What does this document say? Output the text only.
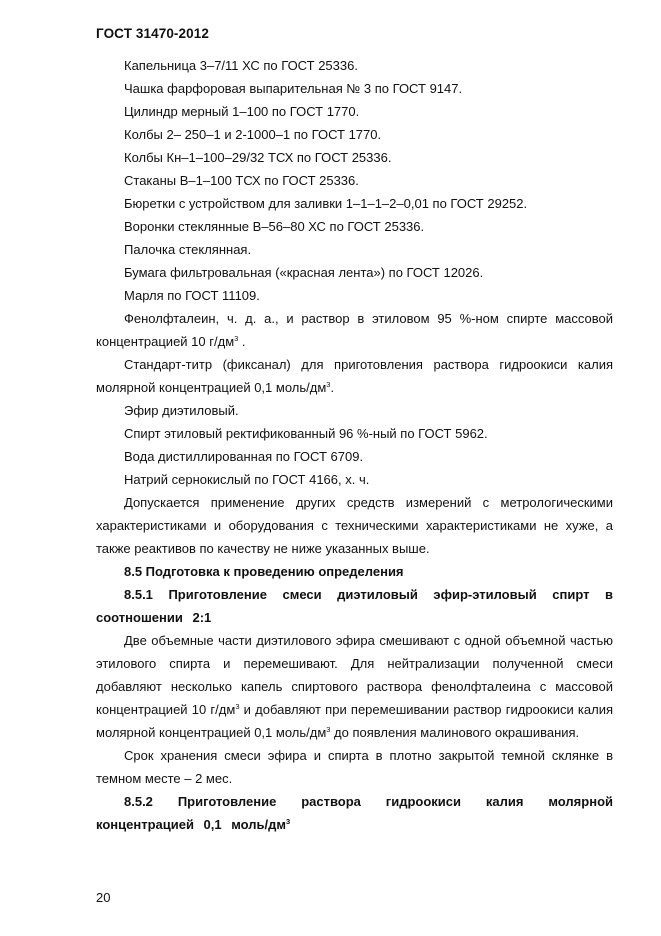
ГОСТ 31470-2012

Капельница 3–7/11 ХС по ГОСТ 25336.

Чашка фарфоровая выпарительная № 3 по ГОСТ 9147.

Цилиндр мерный 1–100 по ГОСТ 1770.

Колбы 2– 250–1 и 2-1000–1 по ГОСТ 1770.

Колбы Кн–1–100–29/32 ТСХ по ГОСТ 25336.

Стаканы В–1–100 ТСХ по ГОСТ 25336.

Бюретки с устройством для заливки 1–1–1–2–0,01 по ГОСТ 29252.

Воронки стеклянные В–56–80 ХС по ГОСТ 25336.

Палочка стеклянная.

Бумага фильтровальная («красная лента») по ГОСТ 12026.

Марля по ГОСТ 11109.

Фенолфталеин, ч. д. а., и раствор в этиловом 95 %-ном спирте массовой концентрацией 10 $г/дм^3$ .

Стандарт-титр (фиксанал) для приготовления раствора гидроокиси калия молярной концентрацией 0,1 моль/$дм^3$.

Эфир диэтиловый.

Спирт этиловый ректификованный 96 %-ный по ГОСТ 5962.

Вода дистиллированная по ГОСТ 6709.

Натрий сернокислый по ГОСТ 4166, х. ч.

Допускается применение других средств измерений с метрологическими характеристиками и оборудования с техническими характеристиками не хуже, а также реактивов по качеству не ниже указанных выше.

8.5 Подготовка к проведению определения

8.5.1 Приготовление смеси диэтиловый эфир-этиловый спирт в соотношении 2:1

Две объемные части диэтилового эфира смешивают с одной объемной частью этилового спирта и перемешивают. Для нейтрализации полученной смеси добавляют несколько капель спиртового раствора фенолфталеина с массовой концентрацией 10 $г/дм^3$ и добавляют при перемешивании раствор гидроокиси калия молярной концентрацией 0,1 моль/$дм^3$ до появления малинового окрашивания.

Срок хранения смеси эфира и спирта в плотно закрытой темной склянке в темном месте – 2 мес.

8.5.2 Приготовление раствора гидроокиси калия молярной концентрацией 0,1 моль/$дм^3$

20
